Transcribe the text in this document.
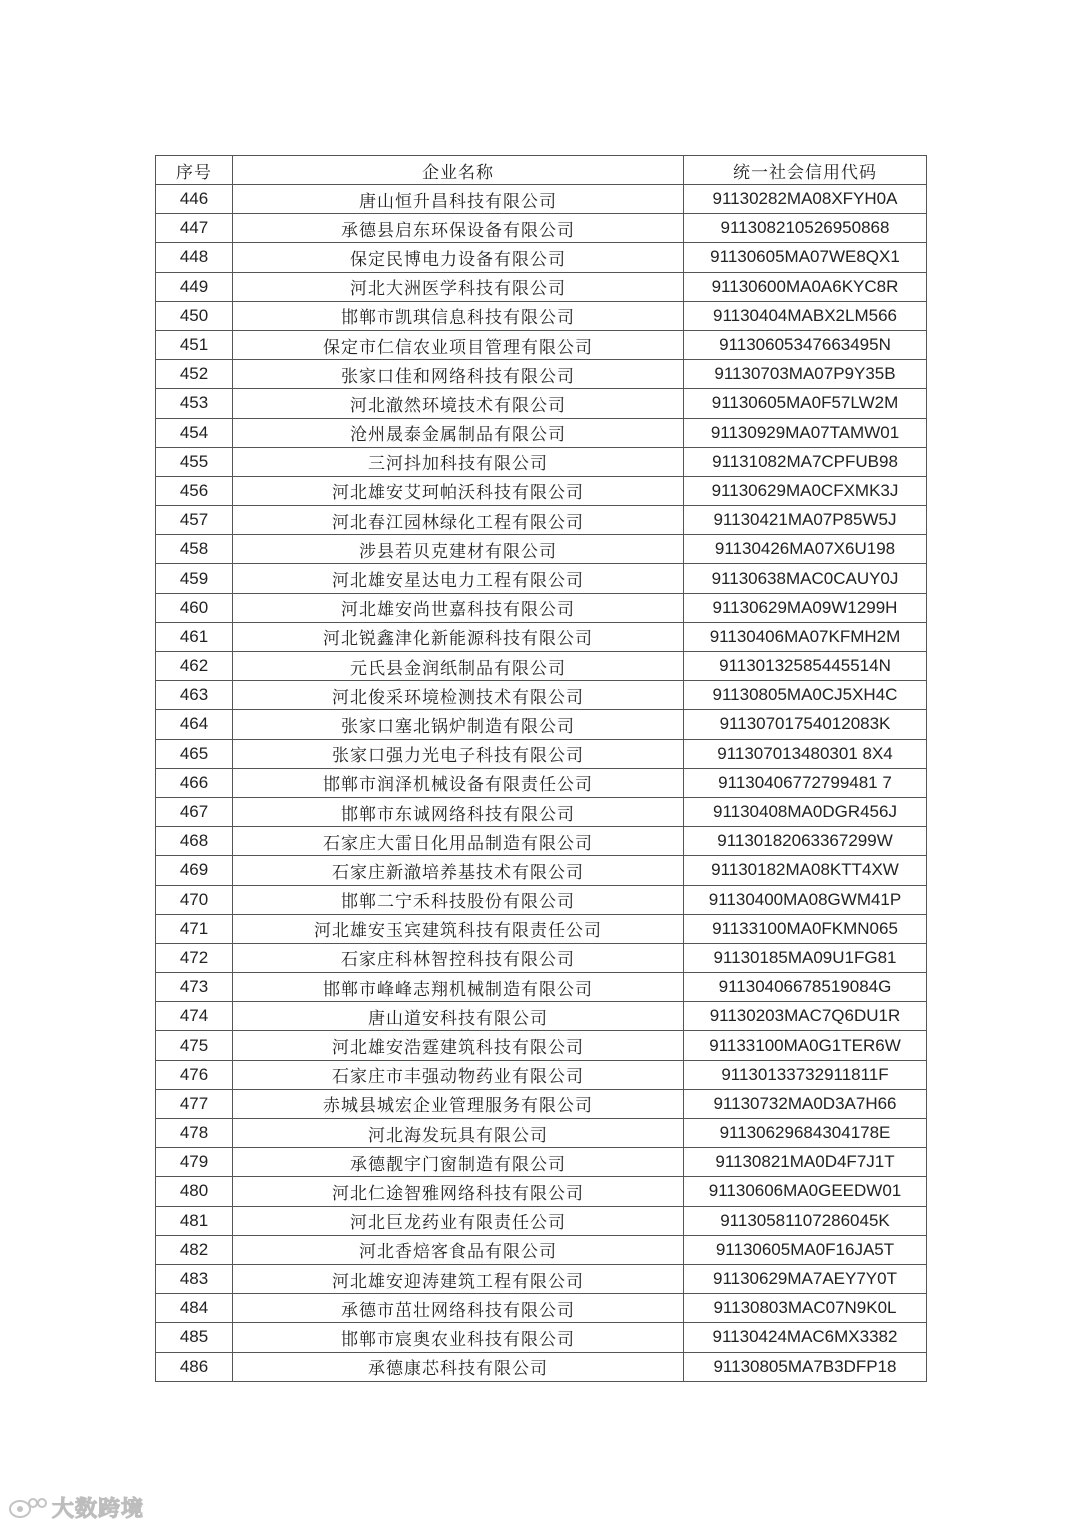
序号	企业名称	统一社会信用代码
446	唐山恒升昌科技有限公司	91130282MA08XFYH0A
447	承德县启东环保设备有限公司	911308210526950868
448	保定民博电力设备有限公司	91130605MA07WE8QX1
449	河北大洲医学科技有限公司	91130600MA0A6KYC8R
450	邯郸市凯琪信息科技有限公司	91130404MABX2LM566
451	保定市仁信农业项目管理有限公司	91130605347663495N
452	张家口佳和网络科技有限公司	91130703MA07P9Y35B
453	河北澈然环境技术有限公司	91130605MA0F57LW2M
454	沧州晟泰金属制品有限公司	91130929MA07TAMW01
455	三河抖加科技有限公司	91131082MA7CPFUB98
456	河北雄安艾珂帕沃科技有限公司	91130629MA0CFXMK3J
457	河北春江园林绿化工程有限公司	91130421MA07P85W5J
458	涉县若贝克建材有限公司	91130426MA07X6U198
459	河北雄安星达电力工程有限公司	91130638MAC0CAUY0J
460	河北雄安尚世嘉科技有限公司	91130629MA09W1299H
461	河北锐鑫津化新能源科技有限公司	91130406MA07KFMH2M
462	元氏县金润纸制品有限公司	91130132585445514N
463	河北俊采环境检测技术有限公司	91130805MA0CJ5XH4C
464	张家口塞北锅炉制造有限公司	91130701754012083K
465	张家口强力光电子科技有限公司	911307013480301 8X4
466	邯郸市润泽机械设备有限责任公司	91130406772799481 7
467	邯郸市东诚网络科技有限公司	91130408MA0DGR456J
468	石家庄大雷日化用品制造有限公司	91130182063367299W
469	石家庄新澈培养基技术有限公司	91130182MA08KTT4XW
470	邯郸二宁禾科技股份有限公司	91130400MA08GWM41P
471	河北雄安玉宾建筑科技有限责任公司	91133100MA0FKMN065
472	石家庄科林智控科技有限公司	91130185MA09U1FG81
473	邯郸市峰峰志翔机械制造有限公司	91130406678519084G
474	唐山道安科技有限公司	91130203MAC7Q6DU1R
475	河北雄安浩霆建筑科技有限公司	91133100MA0G1TER6W
476	石家庄市丰强动物药业有限公司	91130133732911811F
477	赤城县城宏企业管理服务有限公司	91130732MA0D3A7H66
478	河北海发玩具有限公司	91130629684304178E
479	承德靓宇门窗制造有限公司	91130821MA0D4F7J1T
480	河北仁途智雅网络科技有限公司	91130606MA0GEEDW01
481	河北巨龙药业有限责任公司	91130581107286045K
482	河北香焙客食品有限公司	91130605MA0F16JA5T
483	河北雄安迎涛建筑工程有限公司	91130629MA7AEY7Y0T
484	承德市茁壮网络科技有限公司	91130803MAC07N9K0L
485	邯郸市宸奥农业科技有限公司	91130424MAC6MX3382
486	承德康芯科技有限公司	91130805MA7B3DFP18
大数跨境
